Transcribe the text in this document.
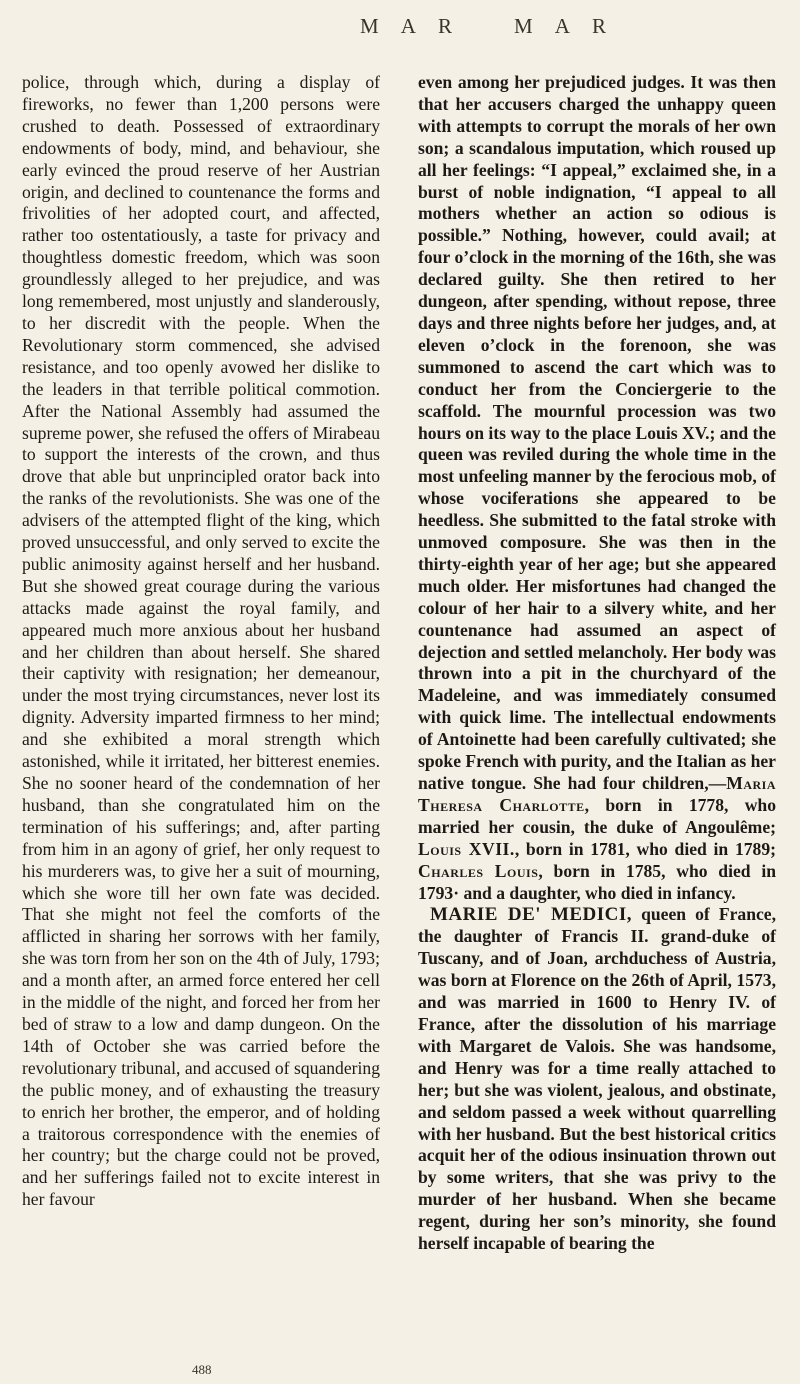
M A R	M A R

police, through which, during a display of fireworks, no fewer than 1,200 persons were crushed to death. Possessed of extraordinary endowments of body, mind, and behaviour, she early evinced the proud reserve of her Austrian origin, and declined to countenance the forms and frivolities of her adopted court, and affected, rather too ostentatiously, a taste for privacy and thoughtless domestic freedom, which was soon groundlessly alleged to her prejudice, and was long remembered, most unjustly and slanderously, to her discredit with the people. When the Revolutionary storm commenced, she advised resistance, and too openly avowed her dislike to the leaders in that terrible political commotion. After the National Assembly had assumed the supreme power, she refused the offers of Mirabeau to support the interests of the crown, and thus drove that able but unprincipled orator back into the ranks of the revolutionists. She was one of the advisers of the attempted flight of the king, which proved unsuccessful, and only served to excite the public animosity against herself and her husband. But she showed great courage during the various attacks made against the royal family, and appeared much more anxious about her husband and her children than about herself. She shared their captivity with resignation; her demeanour, under the most trying circumstances, never lost its dignity. Adversity imparted firmness to her mind; and she exhibited a moral strength which astonished, while it irritated, her bitterest enemies. She no sooner heard of the condemnation of her husband, than she congratulated him on the termination of his sufferings; and, after parting from him in an agony of grief, her only request to his murderers was, to give her a suit of mourning, which she wore till her own fate was decided. That she might not feel the comforts of the afflicted in sharing her sorrows with her family, she was torn from her son on the 4th of July, 1793; and a month after, an armed force entered her cell in the middle of the night, and forced her from her bed of straw to a low and damp dungeon. On the 14th of October she was carried before the revolutionary tribunal, and accused of squandering the public money, and of exhausting the treasury to enrich her brother, the emperor, and of holding a traitorous correspondence with the enemies of her country; but the charge could not be proved, and her sufferings failed not to excite interest in her favour

even among her prejudiced judges. It was then that her accusers charged the unhappy queen with attempts to corrupt the morals of her own son; a scandalous imputation, which roused up all her feelings: “I appeal,” exclaimed she, in a burst of noble indignation, “I appeal to all mothers whether an action so odious is possible.” Nothing, however, could avail; at four o’clock in the morning of the 16th, she was declared guilty. She then retired to her dungeon, after spending, without repose, three days and three nights before her judges, and, at eleven o’clock in the forenoon, she was summoned to ascend the cart which was to conduct her from the Conciergerie to the scaffold. The mournful procession was two hours on its way to the place Louis XV.; and the queen was reviled during the whole time in the most unfeeling manner by the ferocious mob, of whose vociferations she appeared to be heedless. She submitted to the fatal stroke with unmoved composure. She was then in the thirty-eighth year of her age; but she appeared much older. Her misfortunes had changed the colour of her hair to a silvery white, and her countenance had assumed an aspect of dejection and settled melancholy. Her body was thrown into a pit in the churchyard of the Madeleine, and was immediately consumed with quick lime. The intellectual endowments of Antoinette had been carefully cultivated; she spoke French with purity, and the Italian as her native tongue. She had four children,—Maria Theresa Charlotte, born in 1778, who married her cousin, the duke of Angoulême; Louis XVII., born in 1781, who died in 1789; Charles Louis, born in 1785, who died in 1793· and a daughter, who died in infancy.

MARIE DE' MEDICI, queen of France, the daughter of Francis II. grand-duke of Tuscany, and of Joan, archduchess of Austria, was born at Florence on the 26th of April, 1573, and was married in 1600 to Henry IV. of France, after the dissolution of his marriage with Margaret de Valois. She was handsome, and Henry was for a time really attached to her; but she was violent, jealous, and obstinate, and seldom passed a week without quarrelling with her husband. But the best historical critics acquit her of the odious insinuation thrown out by some writers, that she was privy to the murder of her husband. When she became regent, during her son’s minority, she found herself incapable of bearing the

488
